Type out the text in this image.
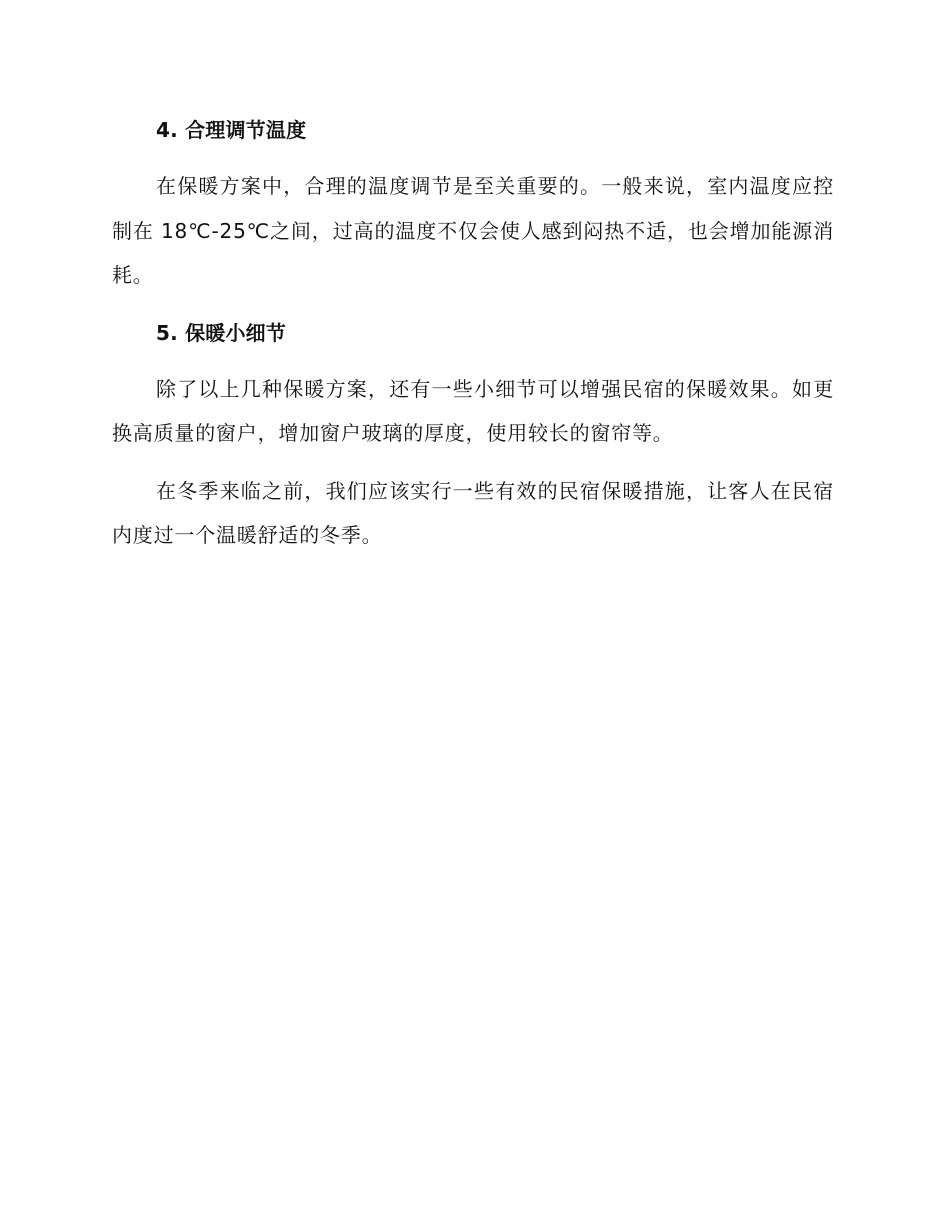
4. 合理调节温度

在保暖方案中，合理的温度调节是至关重要的。一般来说，室内温度应控制在 18℃-25℃之间，过高的温度不仅会使人感到闷热不适，也会增加能源消耗。

5. 保暖小细节

除了以上几种保暖方案，还有一些小细节可以增强民宿的保暖效果。如更换高质量的窗户，增加窗户玻璃的厚度，使用较长的窗帘等。

在冬季来临之前，我们应该实行一些有效的民宿保暖措施，让客人在民宿内度过一个温暖舒适的冬季。
